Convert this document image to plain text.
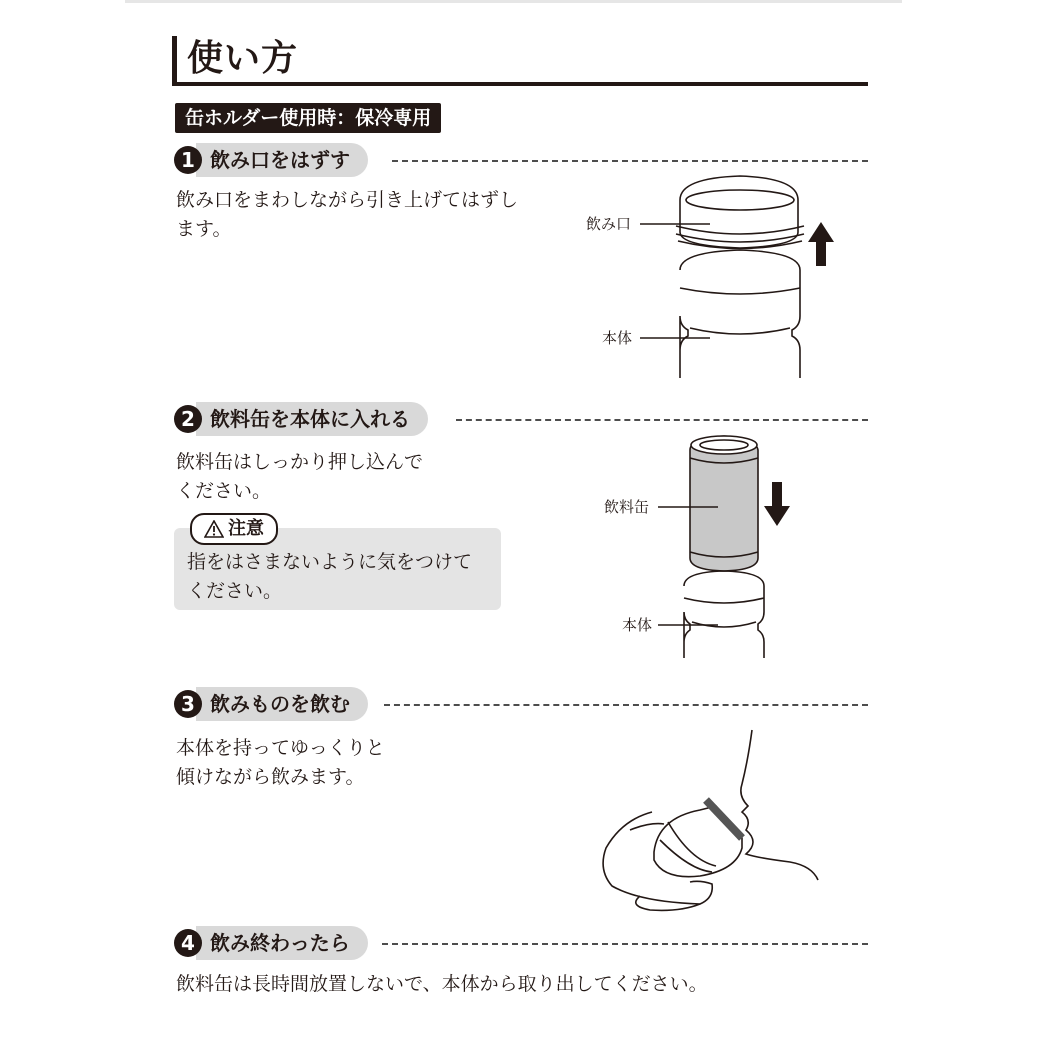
使い方
缶ホルダー使用時：保冷専用
1 飲み口をはずす
飲み口をまわしながら引き上げてはずし
ます。
2 飲料缶を本体に入れる
飲料缶はしっかり押し込んで
ください。
注意
指をはさまないように気をつけて
ください。
3 飲みものを飲む
本体を持ってゆっくりと
傾けながら飲みます。
4 飲み終わったら
飲料缶は長時間放置しないで、本体から取り出してください。
飲み口
本体
飲料缶
本体
